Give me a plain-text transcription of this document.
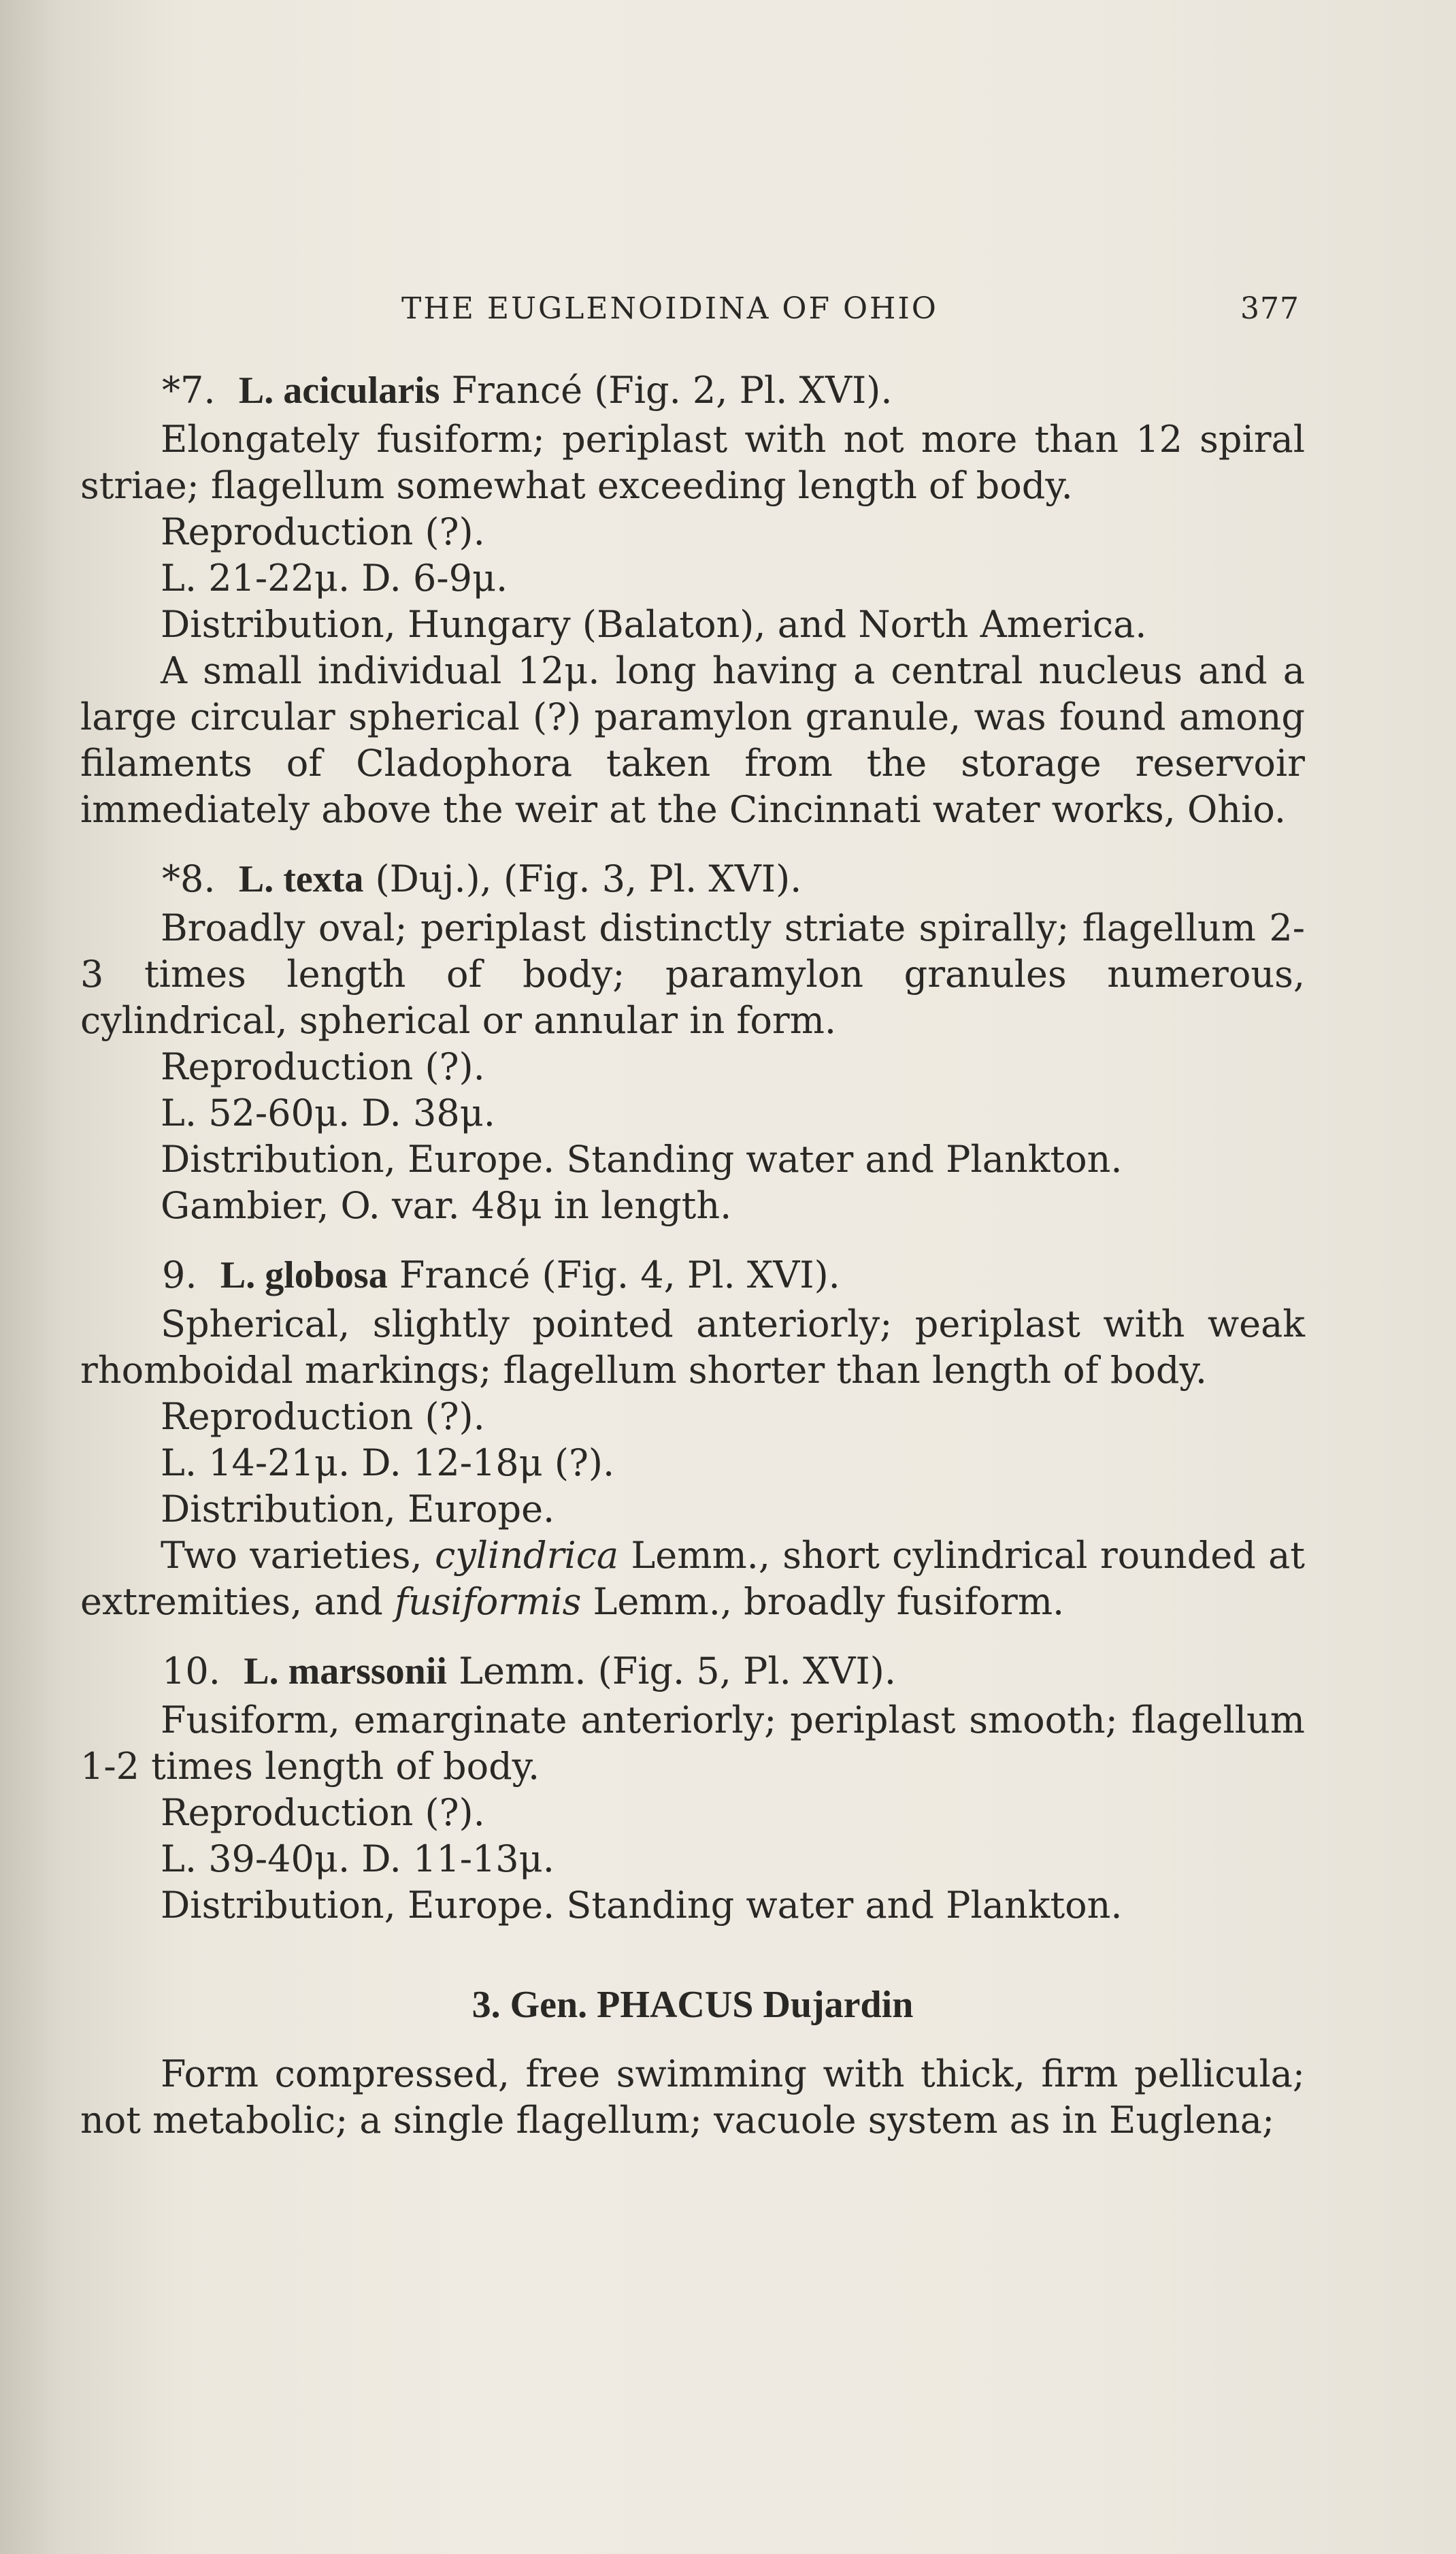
THE EUGLENOIDINA OF OHIO	377
*7. L. acicularis Francé (Fig. 2, Pl. XVI).
Elongately fusiform; periplast with not more than 12 spiral striae; flagellum somewhat exceeding length of body.
Reproduction (?).
L. 21-22μ. D. 6-9μ.
Distribution, Hungary (Balaton), and North America.
A small individual 12μ. long having a central nucleus and a large circular spherical (?) paramylon granule, was found among filaments of Cladophora taken from the storage reservoir immediately above the weir at the Cincinnati water works, Ohio.
*8. L. texta (Duj.), (Fig. 3, Pl. XVI).
Broadly oval; periplast distinctly striate spirally; flagellum 2-3 times length of body; paramylon granules numerous, cylindrical, spherical or annular in form.
Reproduction (?).
L. 52-60μ. D. 38μ.
Distribution, Europe. Standing water and Plankton.
Gambier, O. var. 48μ in length.
9. L. globosa Francé (Fig. 4, Pl. XVI).
Spherical, slightly pointed anteriorly; periplast with weak rhomboidal markings; flagellum shorter than length of body.
Reproduction (?).
L. 14-21μ. D. 12-18μ (?).
Distribution, Europe.
Two varieties, cylindrica Lemm., short cylindrical rounded at extremities, and fusiformis Lemm., broadly fusiform.
10. L. marssonii Lemm. (Fig. 5, Pl. XVI).
Fusiform, emarginate anteriorly; periplast smooth; flagellum 1-2 times length of body.
Reproduction (?).
L. 39-40μ. D. 11-13μ.
Distribution, Europe. Standing water and Plankton.
3. Gen. PHACUS Dujardin
Form compressed, free swimming with thick, firm pellicula; not metabolic; a single flagellum; vacuole system as in Euglena;
